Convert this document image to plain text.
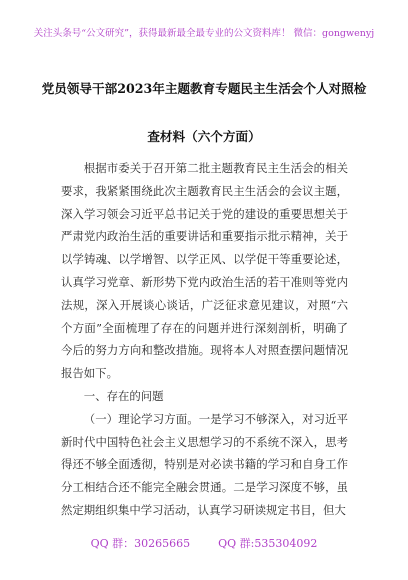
关注头条号“公文研究”，获得最新最全最专业的公文资料库！ 微信：gongwenyj
党员领导干部2023年主题教育专题民主生活会个人对照检
查材料（六个方面）

根据市委关于召开第二批主题教育民主生活会的相关要求，我紧紧围绕此次主题教育民主生活会的会议主题，深入学习领会习近平总书记关于党的建设的重要思想关于严肃党内政治生活的重要讲话和重要指示批示精神，关于以学铸魂、以学增智、以学正风、以学促干等重要论述，认真学习党章、新形势下党内政治生活的若干准则等党内法规，深入开展谈心谈话，广泛征求意见建议，对照“六个方面”全面梳理了存在的问题并进行深刻剖析，明确了今后的努力方向和整改措施。现将本人对照查摆问题情况报告如下。

一、存在的问题

（一）理论学习方面。一是学习不够深入，对习近平新时代中国特色社会主义思想学习的不系统不深入，思考得还不够全面透彻，特别是对必读书籍的学习和自身工作分工相结合还不能完全融会贯通。二是学习深度不够，虽然定期组织集中学习活动，认真学习研读规定书目，但大

QQ 群：30265665	QQ 群:535304092
